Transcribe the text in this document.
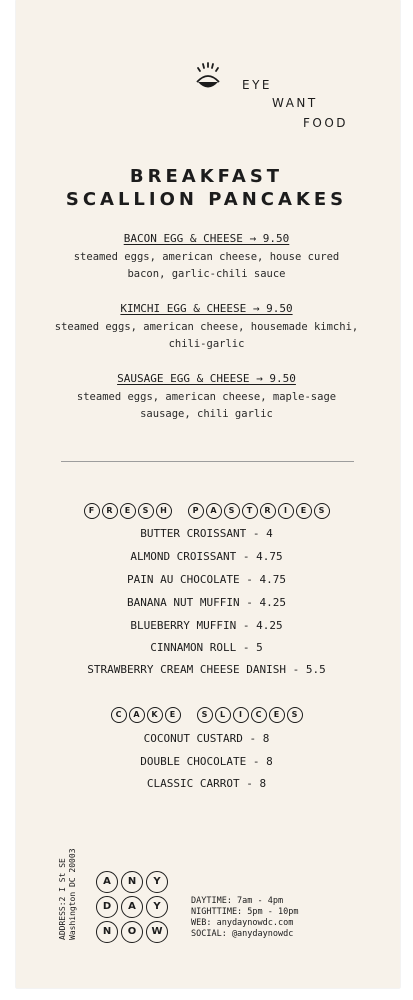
EYE
WANT
FOOD
BREAKFAST
SCALLION PANCAKES
BACON EGG & CHEESE → 9.50
steamed eggs, american cheese, house cured
bacon, garlic-chili sauce
KIMCHI EGG & CHEESE → 9.50
steamed eggs, american cheese, housemade kimchi,
chili-garlic
SAUSAGE EGG & CHEESE → 9.50
steamed eggs, american cheese, maple-sage
sausage, chili garlic
F R E S H	P A S T R I E S
BUTTER CROISSANT - 4
ALMOND CROISSANT - 4.75
PAIN AU CHOCOLATE - 4.75
BANANA NUT MUFFIN - 4.25
BLUEBERRY MUFFIN - 4.25
CINNAMON ROLL - 5
STRAWBERRY CREAM CHEESE DANISH - 5.5
C A K E	S L I C E S
COCONUT CUSTARD - 8
DOUBLE CHOCOLATE - 8
CLASSIC CARROT - 8
ADDRESS:2 I St SE Washington DC 20003	A N Y
D A Y
N O W
DAYTIME: 7am - 4pm
NIGHTTIME: 5pm - 10pm
WEB: anydaynowdc.com
SOCIAL: @anydaynowdc
